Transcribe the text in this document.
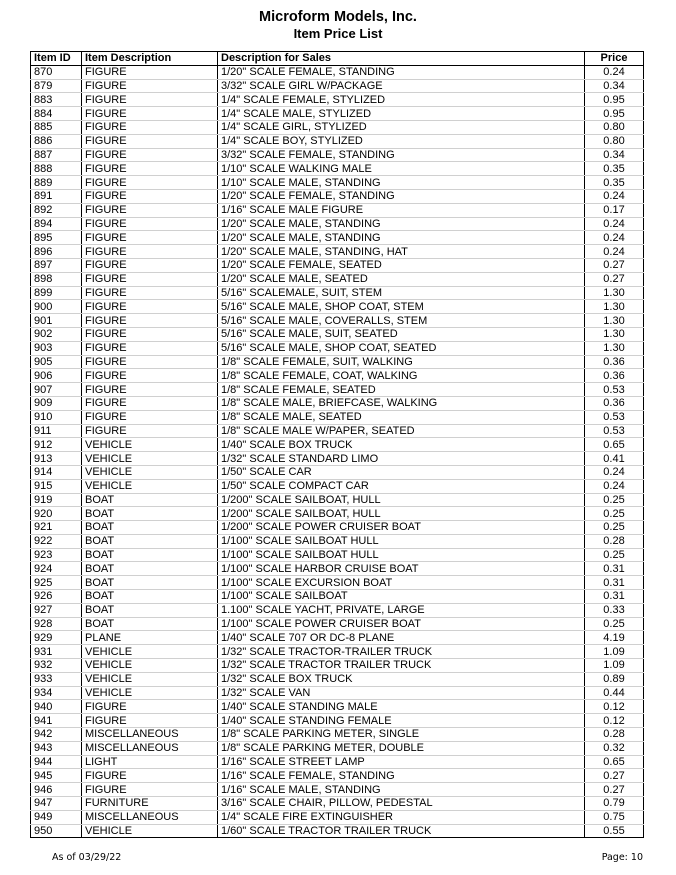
Microform Models, Inc.
Item Price List
Item ID	Item Description	Description for Sales	Price
870	FIGURE	1/20" SCALE FEMALE, STANDING	0.24
879	FIGURE	3/32" SCALE GIRL W/PACKAGE	0.34
883	FIGURE	1/4" SCALE FEMALE, STYLIZED	0.95
884	FIGURE	1/4" SCALE MALE, STYLIZED	0.95
885	FIGURE	1/4" SCALE GIRL, STYLIZED	0.80
886	FIGURE	1/4" SCALE BOY, STYLIZED	0.80
887	FIGURE	3/32" SCALE FEMALE, STANDING	0.34
888	FIGURE	1/10" SCALE WALKING MALE	0.35
889	FIGURE	1/10" SCALE MALE, STANDING	0.35
891	FIGURE	1/20" SCALE FEMALE, STANDING	0.24
892	FIGURE	1/16" SCALE MALE FIGURE	0.17
894	FIGURE	1/20" SCALE MALE, STANDING	0.24
895	FIGURE	1/20" SCALE MALE, STANDING	0.24
896	FIGURE	1/20" SCALE MALE, STANDING, HAT	0.24
897	FIGURE	1/20" SCALE FEMALE, SEATED	0.27
898	FIGURE	1/20" SCALE MALE, SEATED	0.27
899	FIGURE	5/16" SCALEMALE, SUIT, STEM	1.30
900	FIGURE	5/16" SCALE MALE, SHOP COAT, STEM	1.30
901	FIGURE	5/16" SCALE MALE, COVERALLS, STEM	1.30
902	FIGURE	5/16" SCALE MALE, SUIT, SEATED	1.30
903	FIGURE	5/16" SCALE MALE, SHOP COAT, SEATED	1.30
905	FIGURE	1/8" SCALE FEMALE, SUIT, WALKING	0.36
906	FIGURE	1/8" SCALE FEMALE, COAT, WALKING	0.36
907	FIGURE	1/8" SCALE FEMALE, SEATED	0.53
909	FIGURE	1/8" SCALE MALE, BRIEFCASE, WALKING	0.36
910	FIGURE	1/8" SCALE MALE, SEATED	0.53
911	FIGURE	1/8" SCALE MALE W/PAPER, SEATED	0.53
912	VEHICLE	1/40" SCALE BOX TRUCK	0.65
913	VEHICLE	1/32" SCALE STANDARD LIMO	0.41
914	VEHICLE	1/50" SCALE CAR	0.24
915	VEHICLE	1/50" SCALE COMPACT CAR	0.24
919	BOAT	1/200" SCALE SAILBOAT, HULL	0.25
920	BOAT	1/200" SCALE SAILBOAT, HULL	0.25
921	BOAT	1/200" SCALE POWER CRUISER BOAT	0.25
922	BOAT	1/100" SCALE SAILBOAT HULL	0.28
923	BOAT	1/100" SCALE SAILBOAT HULL	0.25
924	BOAT	1/100" SCALE HARBOR CRUISE BOAT	0.31
925	BOAT	1/100" SCALE EXCURSION BOAT	0.31
926	BOAT	1/100" SCALE SAILBOAT	0.31
927	BOAT	1.100" SCALE YACHT, PRIVATE, LARGE	0.33
928	BOAT	1/100" SCALE POWER CRUISER BOAT	0.25
929	PLANE	1/40" SCALE 707 OR DC-8 PLANE	4.19
931	VEHICLE	1/32" SCALE TRACTOR-TRAILER TRUCK	1.09
932	VEHICLE	1/32" SCALE TRACTOR TRAILER TRUCK	1.09
933	VEHICLE	1/32" SCALE BOX TRUCK	0.89
934	VEHICLE	1/32" SCALE VAN	0.44
940	FIGURE	1/40" SCALE STANDING MALE	0.12
941	FIGURE	1/40" SCALE STANDING FEMALE	0.12
942	MISCELLANEOUS	1/8" SCALE PARKING METER, SINGLE	0.28
943	MISCELLANEOUS	1/8" SCALE PARKING METER, DOUBLE	0.32
944	LIGHT	1/16" SCALE STREET LAMP	0.65
945	FIGURE	1/16" SCALE FEMALE, STANDING	0.27
946	FIGURE	1/16" SCALE MALE, STANDING	0.27
947	FURNITURE	3/16" SCALE CHAIR, PILLOW, PEDESTAL	0.79
949	MISCELLANEOUS	1/4" SCALE FIRE EXTINGUISHER	0.75
950	VEHICLE	1/60" SCALE TRACTOR TRAILER TRUCK	0.55
As of 03/29/22	Page: 10
